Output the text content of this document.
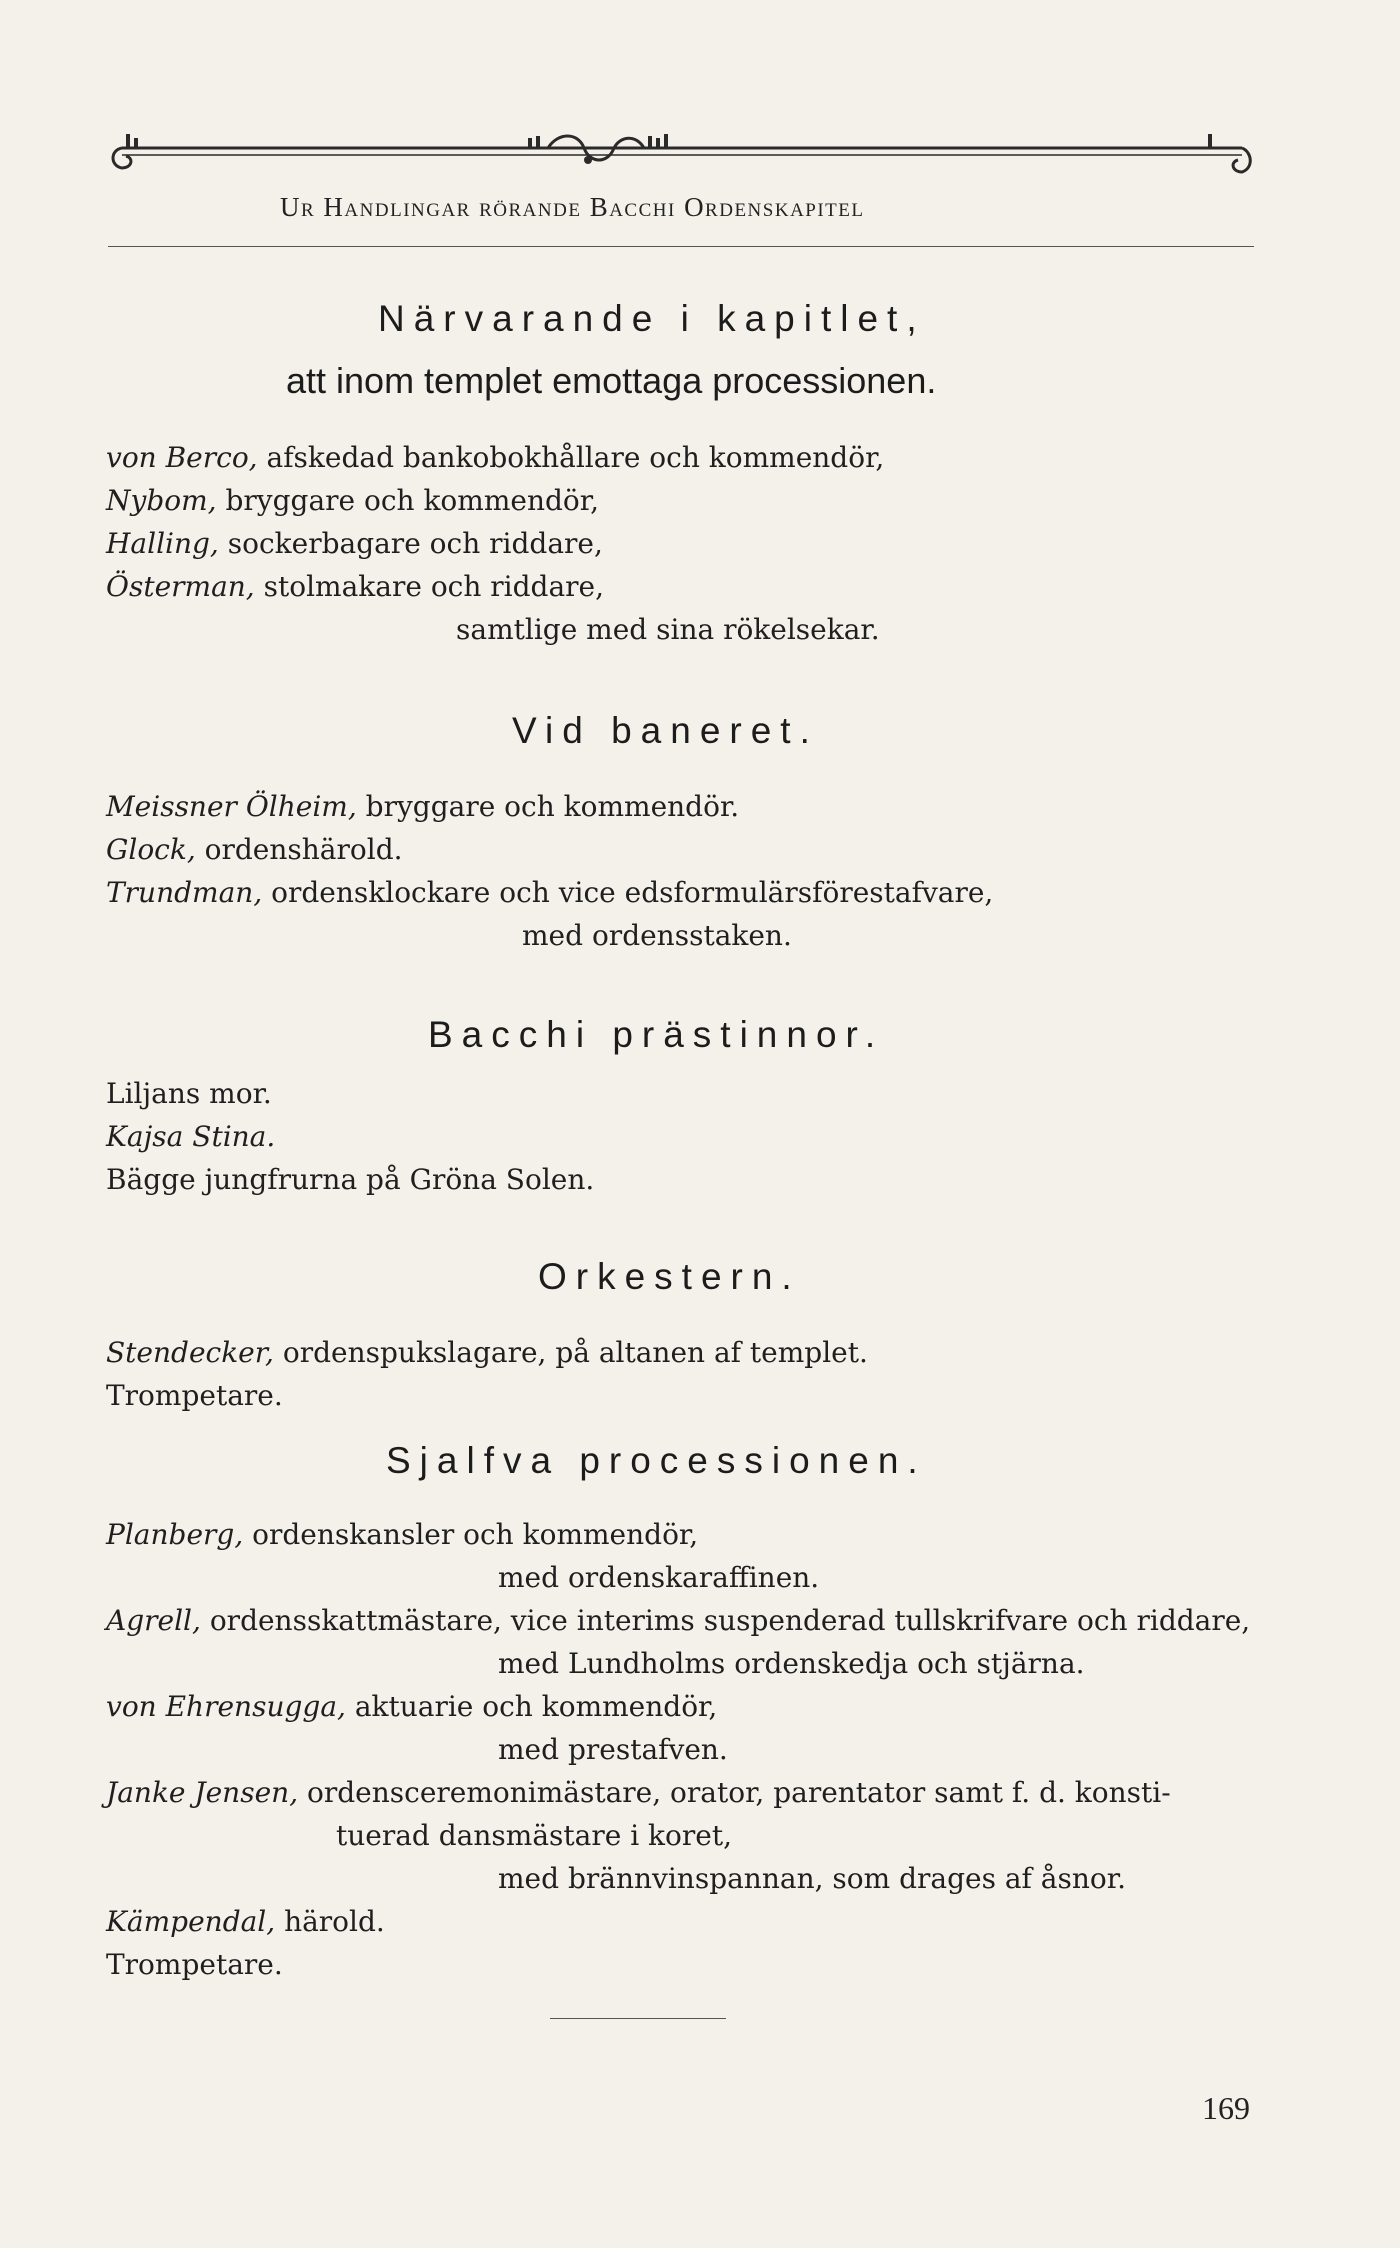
Ur Handlingar rörande Bacchi Ordenskapitel
Närvarande i kapitlet,
att inom templet emottaga processionen.
von Berco, afskedad bankobokhållare och kommendör,
Nybom, bryggare och kommendör,
Halling, sockerbagare och riddare,
Österman, stolmakare och riddare,
samtlige med sina rökelsekar.
Vid baneret.
Meissner Ölheim, bryggare och kommendör.
Glock, ordenshärold.
Trundman, ordensklockare och vice edsformulärsförestafvare,
med ordensstaken.
Bacchi prästinnor.
Liljans mor.
Kajsa Stina.
Bägge jungfrurna på Gröna Solen.
Orkestern.
Stendecker, ordenspukslagare, på altanen af templet.
Trompetare.
Sjalfva processionen.
Planberg, ordenskansler och kommendör,
med ordenskaraffinen.
Agrell, ordensskattmästare, vice interims suspenderad tullskrifvare och riddare,
med Lundholms ordenskedja och stjärna.
von Ehrensugga, aktuarie och kommendör,
med prestafven.
Janke Jensen, ordensceremonimästare, orator, parentator samt f. d. konsti-
tuerad dansmästare i koret,
med brännvinspannan, som drages af åsnor.
Kämpendal, härold.
Trompetare.
169
